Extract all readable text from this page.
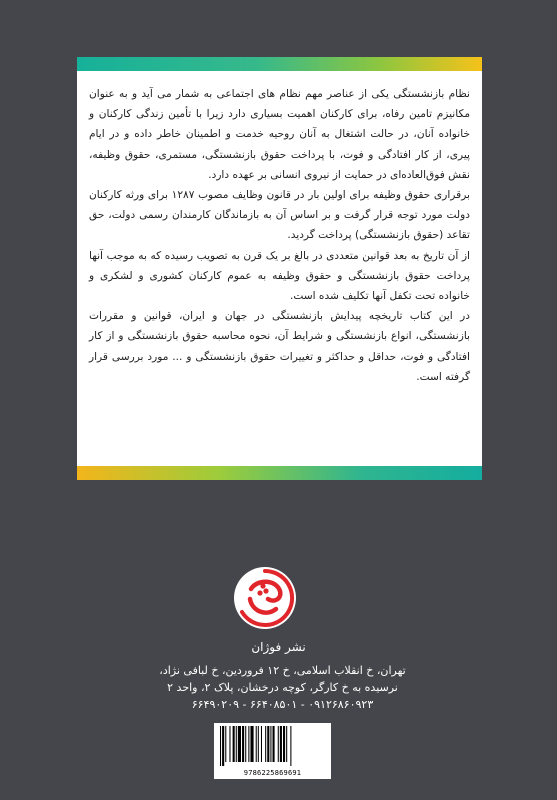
نظام بازنشستگی یکی از عناصر مهم نظام های اجتماعی به شمار می آید و به عنوان مکانیزم تامین رفاه، برای کارکنان اهمیت بسیاری دارد زیرا با تأمین زندگی کارکنان و خانواده آنان، در حالت اشتغال به آنان روحیه خدمت و اطمینان خاطر داده و در ایام پیری، از کار افتادگی و فوت، با پرداخت حقوق بازنشستگی، مستمری، حقوق وظیفه، نقش فوق‌العاده‌ای در حمایت از نیروی انسانی بر عهده دارد.

برقراری حقوق وظیفه برای اولین بار در قانون وظایف مصوب ۱۲۸۷ برای ورثه کارکنان دولت مورد توجه قرار گرفت و بر اساس آن به بازماندگان کارمندان رسمی دولت، حق تقاعد (حقوق بازنشستگی) پرداخت گردید.

از آن تاریخ به بعد قوانین متعددی در بالغ بر یک قرن به تصویب رسیده که به موجب آنها پرداخت حقوق بازنشستگی و حقوق وظیفه به عموم کارکنان کشوری و لشکری و خانواده تحت تکفل آنها تکلیف شده است.

در این کتاب تاریخچه پیدایش بازنشستگی در جهان و ایران، قوانین و مقررات بازنشستگی، انواع بازنشستگی و شرایط آن، نحوه محاسبه حقوق بازنشستگی و از کار افتادگی و فوت، حداقل و حداکثر و تغییرات حقوق بازنشستگی و ... مورد بررسی قرار گرفته است.

نشر فوژان
تهران، خ انقلاب اسلامی، خ ۱۲ فروردین، خ لبافی نژاد،
نرسیده به خ کارگر، کوچه درخشان، پلاک ۲، واحد ۲
۰۹۱۲۶۸۶۰۹۲۳ - ۶۶۴۰۸۵۰۱ - ۶۶۴۹۰۲۰۹
9786225869691
